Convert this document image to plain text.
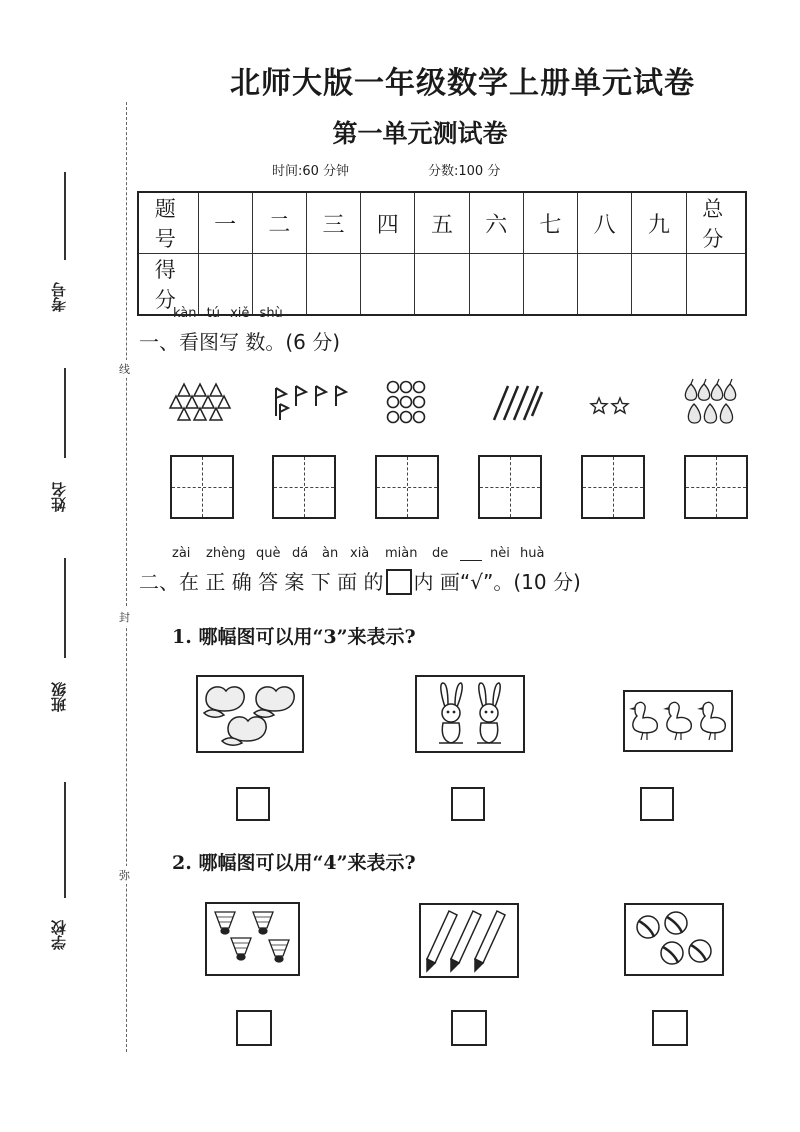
考号
姓名
班级
学校
线
封
弥
北师大版一年级数学上册单元试卷
第一单元测试卷
时间:60 分钟	分数:100 分
题 号	一	二	三	四	五	六	七	八	九	总 分
得 分										
kàn tú xiě shù
一、看图写 数。(6 分)
zài zhèng què dá àn xià miàn de	nèi huà
二、在 正 确 答 案 下 面 的 内 画“√”。(10 分)
1. 哪幅图可以用“3”来表示?
2. 哪幅图可以用“4”来表示?
